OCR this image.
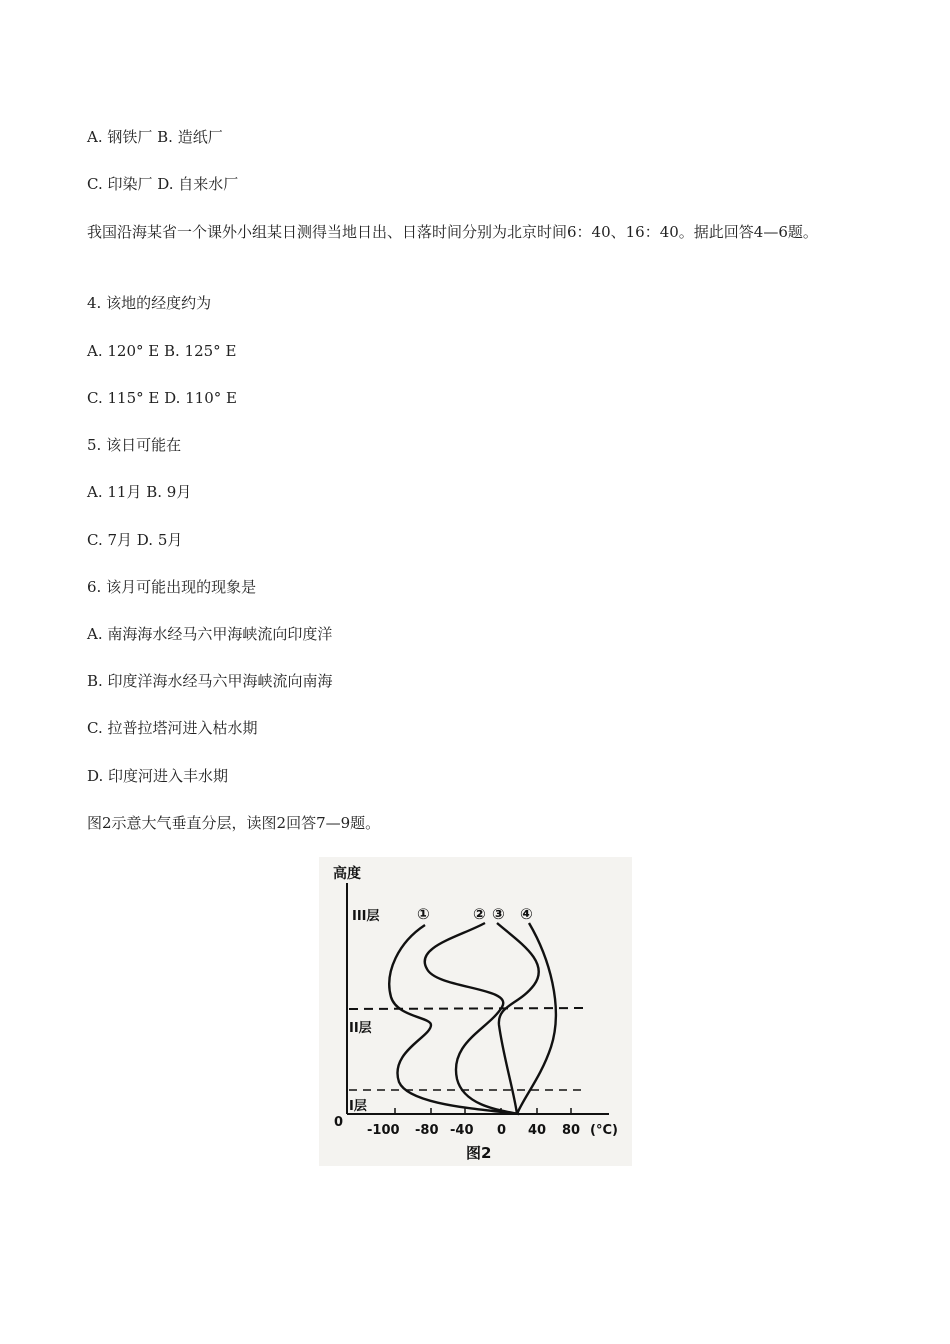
A. 钢铁厂 B. 造纸厂

C. 印染厂 D. 自来水厂

我国沿海某省一个课外小组某日测得当地日出、日落时间分别为北京时间6：40、16：40。据此回答4—6题。

4. 该地的经度约为

A. 120° E B. 125° E

C. 115° E D. 110° E

5. 该日可能在

A. 11月 B. 9月

C. 7月 D. 5月

6. 该月可能出现的现象是

A. 南海海水经马六甲海峡流向印度洋

B. 印度洋海水经马六甲海峡流向南海

C. 拉普拉塔河进入枯水期

D. 印度河进入丰水期

图2示意大气垂直分层，读图2回答7—9题。

高度
III层
II层
I层
①	② ③ ④
0
-100 -80 -40 0 40 80 (°C)
图2
